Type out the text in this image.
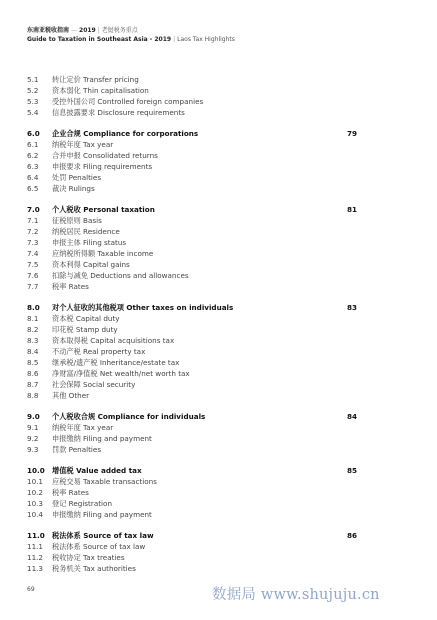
东南亚税收指南 — 2019 | 老挝税务重点
Guide to Taxation in Southeast Asia - 2019 | Laos Tax Highlights
5.1 转让定价 Transfer pricing
5.2 资本弱化 Thin capitalisation
5.3 受控外国公司 Controlled foreign companies
5.4 信息披露要求 Disclosure requirements
6.0 企业合规 Compliance for corporations	79
6.1 纳税年度 Tax year
6.2 合并申报 Consolidated returns
6.3 申报要求 Filing requirements
6.4 处罚 Penalties
6.5 裁决 Rulings
7.0 个人税收 Personal taxation	81
7.1 征税原则 Basis
7.2 纳税居民 Residence
7.3 申报主体 Filing status
7.4 应纳税所得额 Taxable income
7.5 资本利得 Capital gains
7.6 扣除与减免 Deductions and allowances
7.7 税率 Rates
8.0 对个人征收的其他税项 Other taxes on individuals	83
8.1 资本税 Capital duty
8.2 印花税 Stamp duty
8.3 资本取得税 Capital acquisitions tax
8.4 不动产税 Real property tax
8.5 继承税/遗产税 Inheritance/estate tax
8.6 净财富/净值税 Net wealth/net worth tax
8.7 社会保障 Social security
8.8 其他 Other
9.0 个人税收合规 Compliance for individuals	84
9.1 纳税年度 Tax year
9.2 申报缴纳 Filing and payment
9.3 罚款 Penalties
10.0 增值税 Value added tax	85
10.1 应税交易 Taxable transactions
10.2 税率 Rates
10.3 登记 Registration
10.4 申报缴纳 Filing and payment
11.0 税法体系 Source of tax law	86
11.1 税法体系 Source of tax law
11.2 税收协定 Tax treaties
11.3 税务机关 Tax authorities
69	数据局 www.shujuju.cn
